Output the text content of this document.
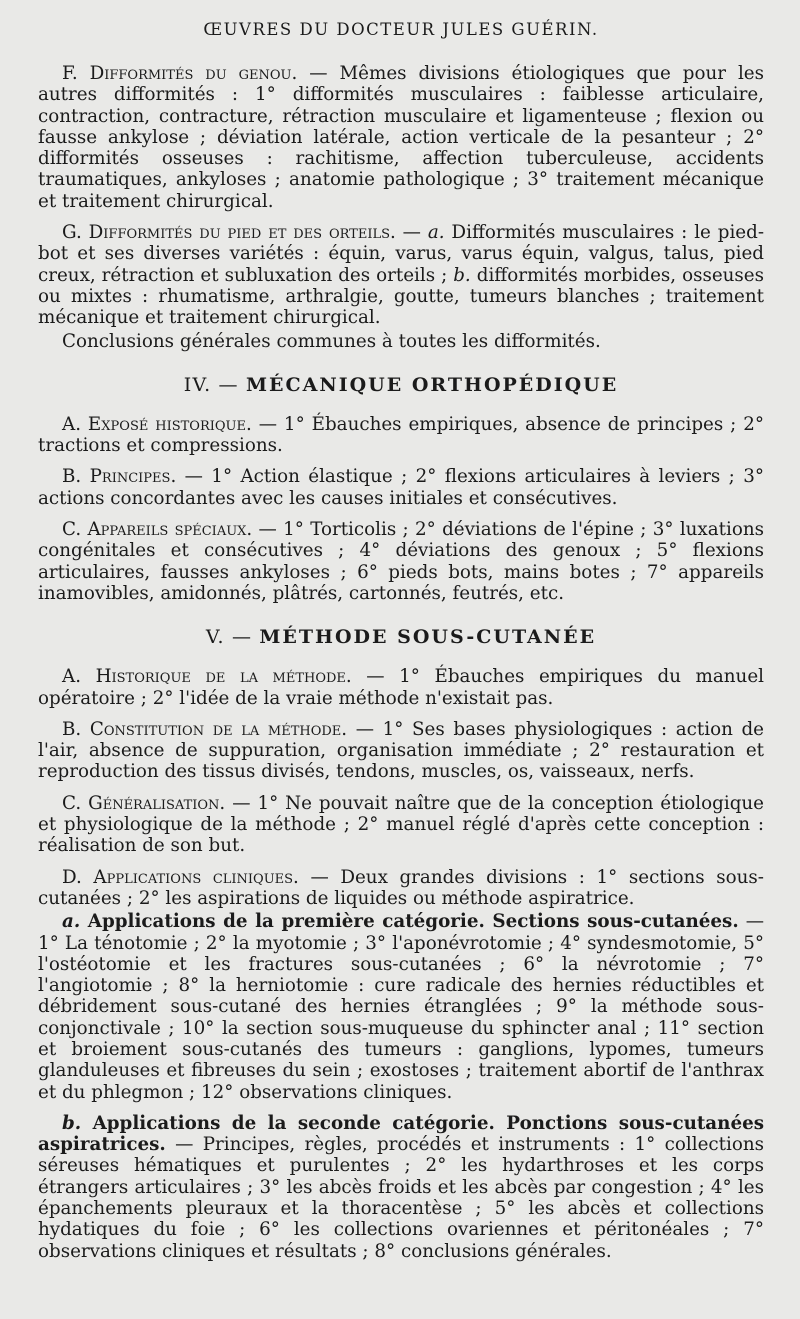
ŒUVRES DU DOCTEUR JULES GUÉRIN.

F. Difformités du genou. — Mêmes divisions étiologiques que pour les autres difformités : 1° difformités musculaires : faiblesse articulaire, contraction, contracture, rétraction musculaire et ligamenteuse ; flexion ou fausse ankylose ; déviation latérale, action verticale de la pesanteur ; 2° difformités osseuses : rachitisme, affection tuberculeuse, accidents traumatiques, ankyloses ; anatomie pathologique ; 3° traitement mécanique et traitement chirurgical.

G. Difformités du pied et des orteils. — a. Difformités musculaires : le pied-bot et ses diverses variétés : équin, varus, varus équin, valgus, talus, pied creux, rétraction et subluxation des orteils ; b. difformités morbides, osseuses ou mixtes : rhumatisme, arthralgie, goutte, tumeurs blanches ; traitement mécanique et traitement chirurgical.

Conclusions générales communes à toutes les difformités.

IV. — MÉCANIQUE ORTHOPÉDIQUE

A. Exposé historique. — 1° Ébauches empiriques, absence de principes ; 2° tractions et compressions.

B. Principes. — 1° Action élastique ; 2° flexions articulaires à leviers ; 3° actions concordantes avec les causes initiales et consécutives.

C. Appareils spéciaux. — 1° Torticolis ; 2° déviations de l'épine ; 3° luxations congénitales et consécutives ; 4° déviations des genoux ; 5° flexions articulaires, fausses ankyloses ; 6° pieds bots, mains botes ; 7° appareils inamovibles, amidonnés, plâtrés, cartonnés, feutrés, etc.

V. — MÉTHODE SOUS-CUTANÉE

A. Historique de la méthode. — 1° Ébauches empiriques du manuel opératoire ; 2° l'idée de la vraie méthode n'existait pas.

B. Constitution de la méthode. — 1° Ses bases physiologiques : action de l'air, absence de suppuration, organisation immédiate ; 2° restauration et reproduction des tissus divisés, tendons, muscles, os, vaisseaux, nerfs.

C. Généralisation. — 1° Ne pouvait naître que de la conception étiologique et physiologique de la méthode ; 2° manuel réglé d'après cette conception : réalisation de son but.

D. Applications cliniques. — Deux grandes divisions : 1° sections sous-cutanées ; 2° les aspirations de liquides ou méthode aspiratrice.

a. Applications de la première catégorie. Sections sous-cutanées. — 1° La ténotomie ; 2° la myotomie ; 3° l'aponévrotomie ; 4° syndesmotomie, 5° l'ostéotomie et les fractures sous-cutanées ; 6° la névrotomie ; 7° l'angiotomie ; 8° la herniotomie : cure radicale des hernies réductibles et débridement sous-cutané des hernies étranglées ; 9° la méthode sous-conjonctivale ; 10° la section sous-muqueuse du sphincter anal ; 11° section et broiement sous-cutanés des tumeurs : ganglions, lypomes, tumeurs glanduleuses et fibreuses du sein ; exostoses ; traitement abortif de l'anthrax et du phlegmon ; 12° observations cliniques.

b. Applications de la seconde catégorie. Ponctions sous-cutanées aspiratrices. — Principes, règles, procédés et instruments : 1° collections séreuses hématiques et purulentes ; 2° les hydarthroses et les corps étrangers articulaires ; 3° les abcès froids et les abcès par congestion ; 4° les épanchements pleuraux et la thoracentèse ; 5° les abcès et collections hydatiques du foie ; 6° les collections ovariennes et péritonéales ; 7° observations cliniques et résultats ; 8° conclusions générales.
